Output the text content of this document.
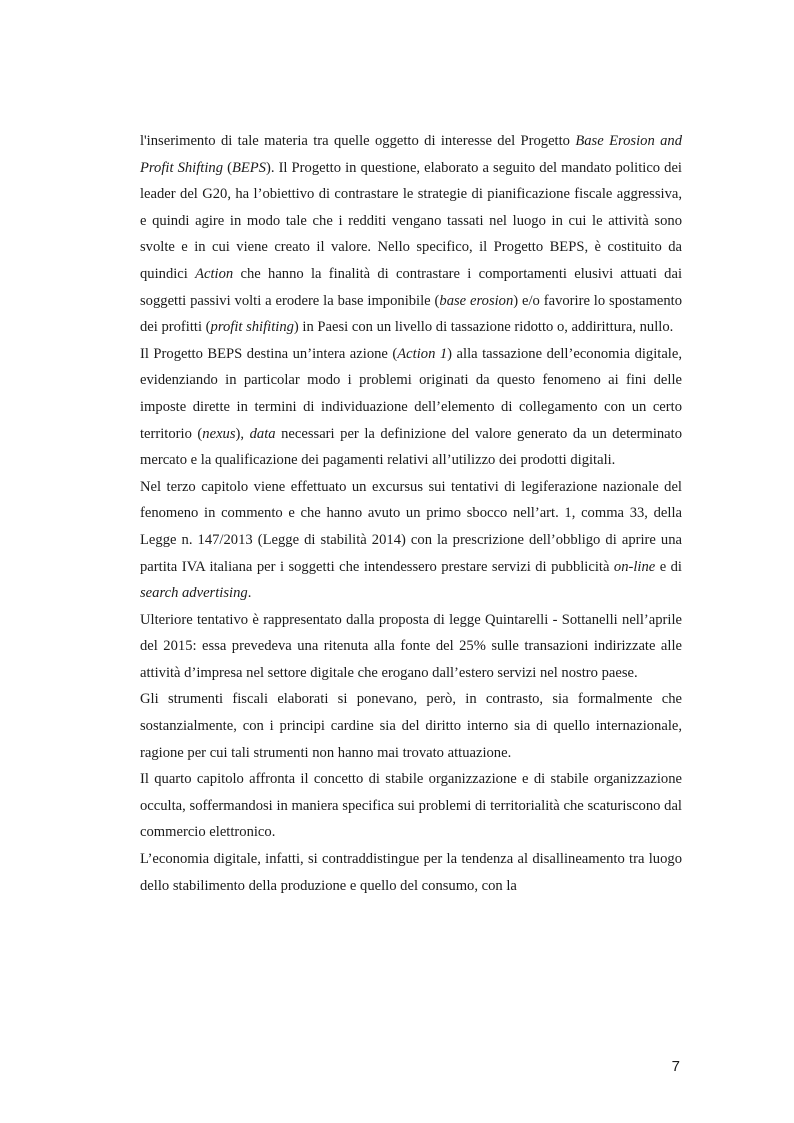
l'inserimento di tale materia tra quelle oggetto di interesse del Progetto Base Erosion and Profit Shifting (BEPS). Il Progetto in questione, elaborato a seguito del mandato politico dei leader del G20, ha l’obiettivo di contrastare le strategie di pianificazione fiscale aggressiva, e quindi agire in modo tale che i redditi vengano tassati nel luogo in cui le attività sono svolte e in cui viene creato il valore. Nello specifico, il Progetto BEPS, è costituito da quindici Action che hanno la finalità di contrastare i comportamenti elusivi attuati dai soggetti passivi volti a erodere la base imponibile (base erosion) e/o favorire lo spostamento dei profitti (profit shifiting) in Paesi con un livello di tassazione ridotto o, addirittura, nullo.

Il Progetto BEPS destina un’intera azione (Action 1) alla tassazione dell’economia digitale, evidenziando in particolar modo i problemi originati da questo fenomeno ai fini delle imposte dirette in termini di individuazione dell’elemento di collegamento con un certo territorio (nexus), data necessari per la definizione del valore generato da un determinato mercato e la qualificazione dei pagamenti relativi all’utilizzo dei prodotti digitali.

Nel terzo capitolo viene effettuato un excursus sui tentativi di legiferazione nazionale del fenomeno in commento e che hanno avuto un primo sbocco nell’art. 1, comma 33, della Legge n. 147/2013 (Legge di stabilità 2014) con la prescrizione dell’obbligo di aprire una partita IVA italiana per i soggetti che intendessero prestare servizi di pubblicità on-line e di search advertising.

Ulteriore tentativo è rappresentato dalla proposta di legge Quintarelli - Sottanelli nell’aprile del 2015: essa prevedeva una ritenuta alla fonte del 25% sulle transazioni indirizzate alle attività d’impresa nel settore digitale che erogano dall’estero servizi nel nostro paese.

Gli strumenti fiscali elaborati si ponevano, però, in contrasto, sia formalmente che sostanzialmente, con i principi cardine sia del diritto interno sia di quello internazionale, ragione per cui tali strumenti non hanno mai trovato attuazione.

Il quarto capitolo affronta il concetto di stabile organizzazione e di stabile organizzazione occulta, soffermandosi in maniera specifica sui problemi di territorialità che scaturiscono dal commercio elettronico.

L’economia digitale, infatti, si contraddistingue per la tendenza al disallineamento tra luogo dello stabilimento della produzione e quello del consumo, con la

7
